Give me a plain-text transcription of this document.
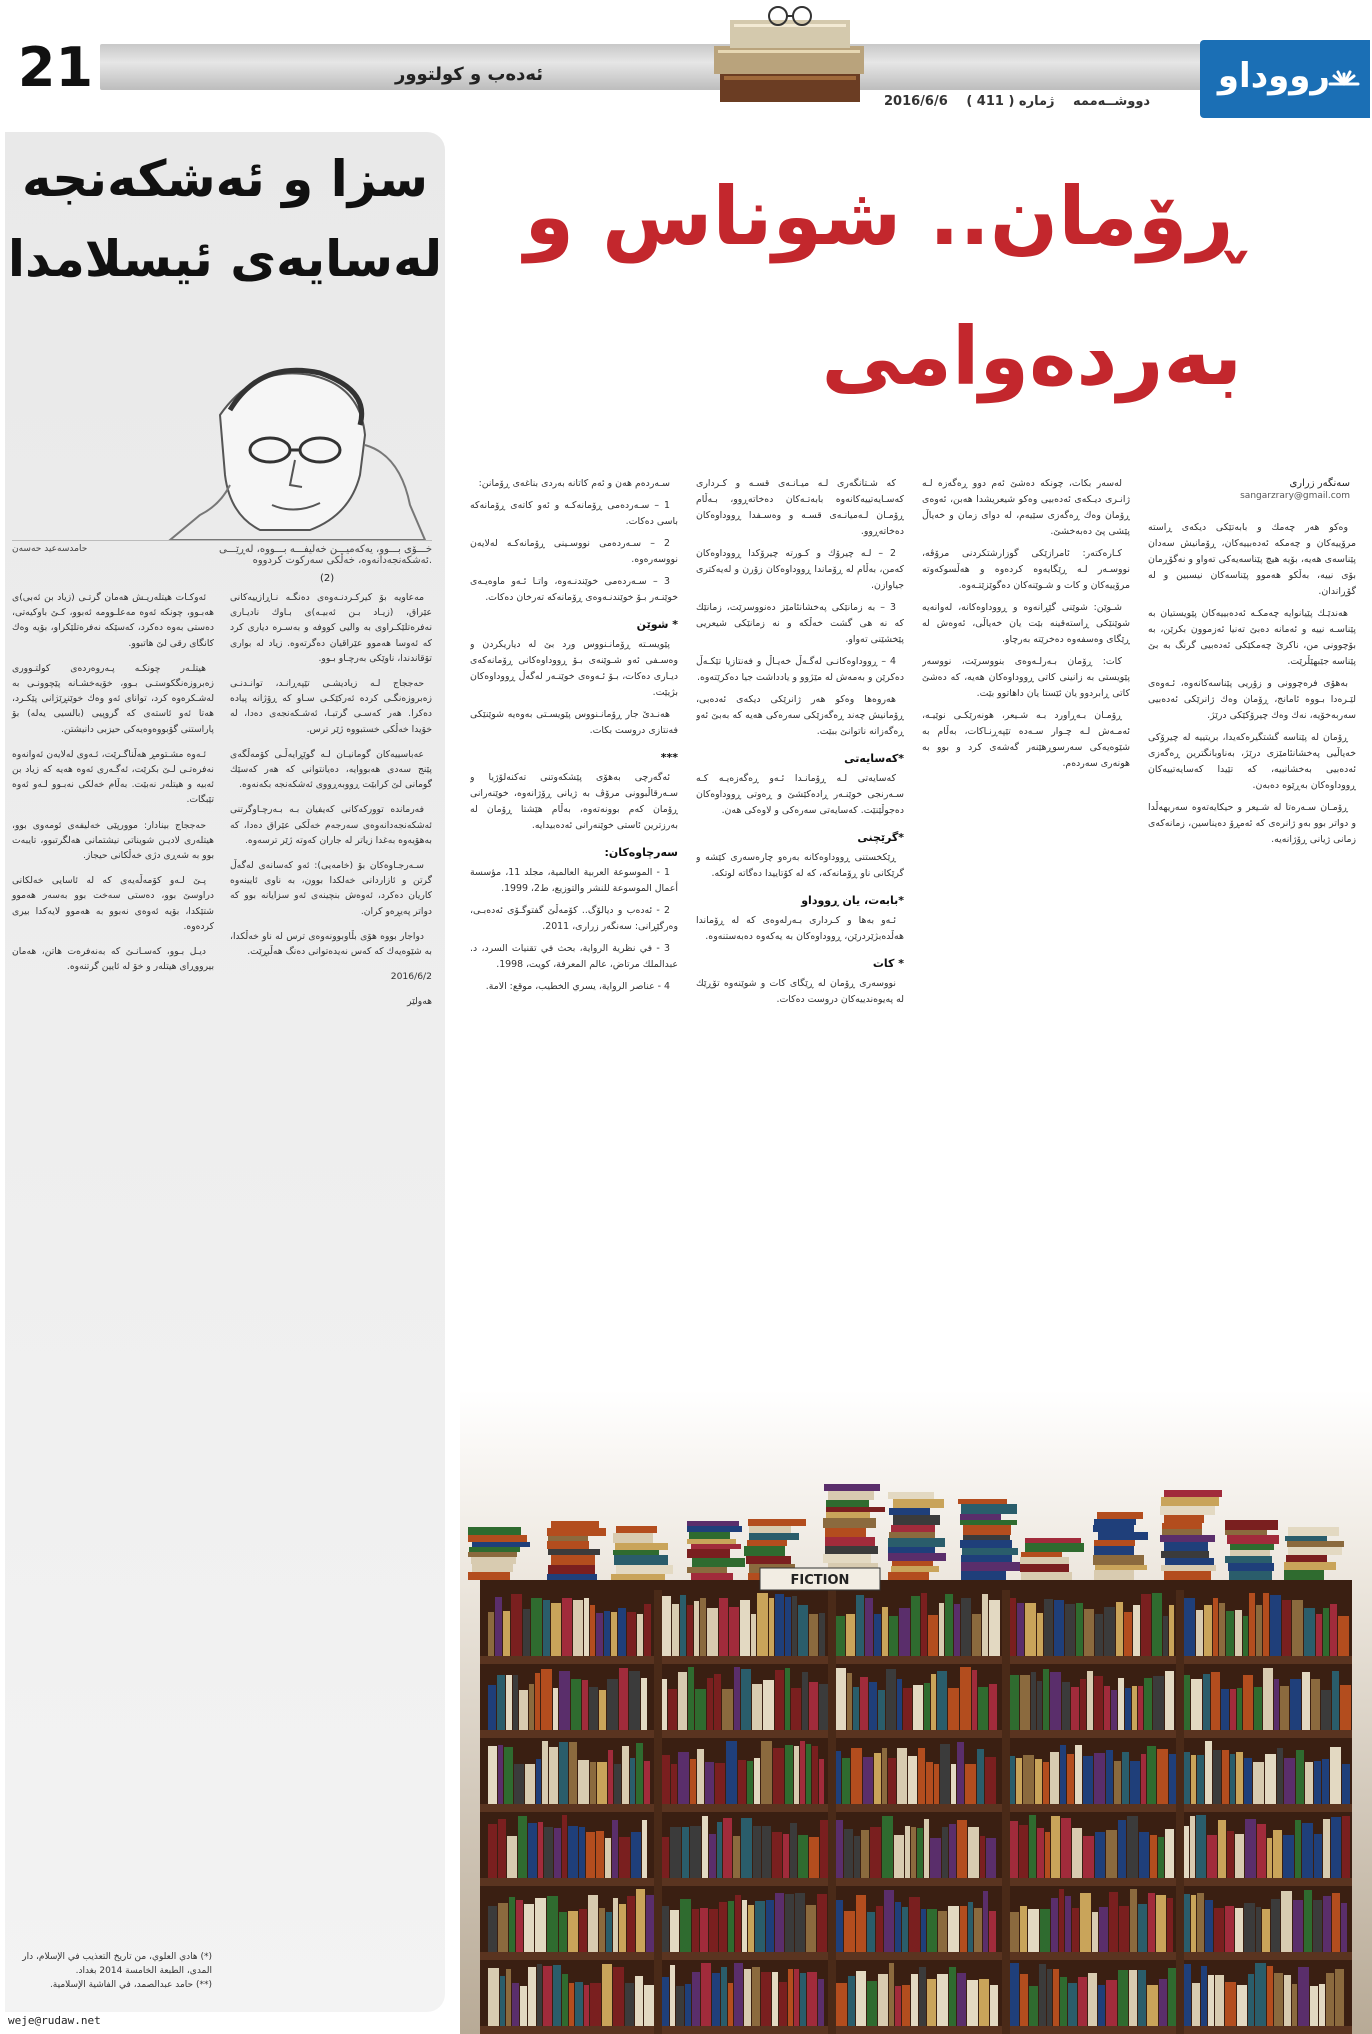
21	ئەدەب و كولتوور
2016/6/6	دووشــەممە ژمارە ( 411 )
رووداو
سزا و ئەشكەنجە
لەسایەی ئیسلامدا
حامدسەعید حەسەن	خـــۆی بـــوو، یەكەمیـــن خەلیفـــە بـــووە، لەڕێـــی ئەشكەنجەدانەوە، خەڵكی سەرکوت کردووە.
(2)

مەعاویە بۆ كیركـردنـەوەی دەنگـە نـاڕازییەكانی عێراق، (زیـاد بـن ئەبیـە)ی بـاوك نادیـاری نەفرەتلێكـراوی بە والیی كووفە و بەسـرە دیاری كرد كە ئەوسا هەموو عێراقیان دەگرتەوە. زیاد لە بواری تۆقاندندا، ناوێكی بەرچـاو بـوو.

حەججاج لـە زیادیشـی تێپەڕانـد، توانـدنـی زەبروزەنگـی كرده ئەركێكـی سـاو كە ڕۆژانە پیادە دەكرا. هەر كەسـی گرتبـا، ئەشـكەنجەی دەدا، لە خۆیدا خەڵكی خستبووە ژێر ترس.

عەباسییەكان گومانیـان لـە گوێڕایەڵـی كۆمەڵگەی پێنج سەدی هەبووایە، دەیانتوانی كه هەر كەسێك گومانی لێ كرابێت ڕووبەڕووی ئەشكەنجە بكەنەوە.

فەرماندە تووركەكانی كەیفیان بـە بـەرچـاوگرتنی ئەشكەنجەدانەوەی سەرجەم خەڵكی عێراق دەدا، كە بەهۆیەوە بەغدا زیاتر لە جاران كەوتە ژێر ترسەوە.

سـەرجـاوەكان بۆ (خامەیی): ئەو كەسانەی لەگەڵ گرتن و ئازاردانی خەلكدا بوون، بە ناوی ئایینەوە كاریان دەكرد، ئەوەش بنچینەی ئەو سزایانە بوو كە دواتر پەیڕەو كران.

دواجار بووە هۆی بڵاوبوونەوەی ترس لە ناو خەڵكدا، بە شێوەیەك كە كەس نەیدەتوانی دەنگ هەڵبڕێت.

2016/6/2

هەولێر

ئەوكـات هیتلەریـش هەمان گرتـی (زیاد بن ئەبی)ی هەبـوو، چونكە ئەوە مەعلـوومە ئەبوو، كـێ باوكیەتی، دەستی بەوە دەكرد، كەسێكە نەفرەتلێكراو، بۆیە وەك كانگای رقی لێ هاتبوو.

هیتلـەر چونكـە پـەروەردەی كولتـووری زەبروزەنگكوستـی بـوو، خۆیەخشـانە پێچوونـی بە لەشـكرەوە كرد، توانای ئەو وەك خوێنڕێژانی پێكـرد، هەتا ئەو ئاستەی كە گروپیی (بالسیی یەلە) بۆ پاراستنی گۆبووەوەیەكی حیزبی دانیشتن.

ئـەوە مشـتومڕ هەڵناگـرێت، ئـەوی لەلایەن ئەوانەوە نەفرەتـی لـێ بكرێت، ئەگـەری ئەوە هەیە كە زیاد بن ئەبیە و هیتلەر نەبێت. بەڵام خەلكی نەبـوو لـەو ئەوە تێبگات.

حەججاج بینادار: موورپێی خەلیفەی ئومەوی بوو، هیتلەری لادیـن شویناتی نیشتمانی هەلگرتبوو، تایبەت بوو بە شەڕی دژی خەڵكانی حیجاز.

پـێ لـەو كۆمەڵەیەی كە لە ئاسایی خەلكانی دراوسێ بوو، دەستی سەخت بوو بەسەر هەموو شتێكدا، بۆیە ئەوەی نەبوو بە هەموو لایەكدا بیری كردەوە.

دیـل بـوو، كەسـانـێ كە بەنەفرەت هاتن، هەمان بیرووڕای هیتلەر و خۆ لە ئایین گرتنەوە.

(*) هادي العلوي، من تاريخ التعذيب في الإسلام، دار المدى، الطبعة الخامسة 2014 بغداد.
(**) حامد عبدالصمد، في الفاشية الإسلامية.
weje@rudaw.net
ڕۆمان.. شوناس و
بەردەوامی
سەنگەر زراری
sangarzrary@gmail.com

وەكو هەر چەمك و بابەتێكی دیكەی ڕاستە مرۆییەكان و چەمكە ئەدەبییەكان، ڕۆمانیش سەدان پێناسەی هەیە، بۆیە هیچ پێناسەیەكی تەواو و نەگۆڕمان بۆی نییە، بەڵكو هەموو پێناسەكان نیسبین و لە گۆڕاندان.

هەندێـك پێیانوایە چەمكـە ئەدەبییەكان پێویستیان بە پێناسـە نییە و ئەمانە دەبێ تەنیا ئەزموون بكرێن، بە بۆچوونی من، ناكرێ چەمكێكی ئەدەبیی گرنگ بە بێ پێناسە جێبهێڵرێت.

بەهۆی فرەچوونی و زۆریی پێناسەكانەوە، ئـەوەی لێـرەدا بـووە ئامانج، ڕۆمان وەك ژانرێكی ئەدەبیی سەربەخۆیە، نەك وەك چیرۆكێكی درێژ.

ڕۆمان لە پێناسە گشتگیرەكەیدا، بریتییە لە چیرۆكی خەیاڵیی پەخشانئامێزی درێژ، بەناوبانگترین ڕەگەزی ئەدەبیی بەخشانییە، كە تێیدا كەسایەتییەكان ڕووداوەكان بەڕێوە دەبەن.

ڕۆمـان سـەرەتا لە شـیعر و حیكایەتەوە سەریهەڵدا و دواتر بوو بەو ژانرەی كە ئەمڕۆ دەیناسین، زمانەكەی زمانی ژیانی ڕۆژانەیە.

لەسەر بكات، چونكە دەشێ ئەم دوو ڕەگەزە لـە ژانـری دیـكەی ئەدەبیی وەكو شیعریشدا هەبن، ئەوەی ڕۆمان وەك ڕەگەزی سێیەم، لە دوای زمان و خەیاڵ پێشی پێ دەبەخشێ.

كـارەكتەر: ئامرازێكی گوزارشتكردنی مرۆڤە، نووسـەر لـە ڕێگایەوە كردەوە و هەڵسوكەوتە مرۆییەكان و كات و شـوێنەكان دەگوێزێتـەوە.

شـوێن: شوێنی گێڕانەوە و ڕووداوەكانە، لەوانەیە شوێنێكی ڕاستەقینە بێت یان خەیاڵی، ئەوەش لە ڕێگای وەسفەوە دەخرێتە بەرچاو.

كات: ڕۆمان بـەرلـەوەی بنووسرێت، نووسەر پێویستی بە زانینی كاتی ڕووداوەكان هەیە، كە دەشێ كاتی ڕابردوو یان ئێستا یان داهاتوو بێت.

ڕۆمـان بـەڕاورد بـە شـیعر، هونەرێكـی نوێیـە، ئەمـەش لـە چـوار سـەدە تێپەڕنـاكات، بەڵام بە شێوەیەكی سەرسوڕهێنەر گەشەی كرد و بوو بە هونەری سەردەم.

كە شـتانگەری لـە میـانـەی قسـە و كـرداری كەسـایەتییەكانەوە بابەتـەكان دەخاتەڕوو، بـەڵام ڕۆمـان لـەمیانـەی قسـە و وەسـفدا ڕووداوەكان دەخاتەڕوو.

2 – لـە چیرۆك و كـورتە چیرۆكدا ڕووداوەكان كەمن، بەڵام لە ڕۆماندا ڕووداوەكان زۆرن و لەیەكتری جیاوازن.

3 – بە زمانێكی پەخشانئامێز دەنووسرێت، زمانێك كە نە هی گشت خەڵكە و نە زمانێكی شیعریی پێخشێنی تەواو.

4 – ڕووداوەكانـی لەگـەڵ خەیـاڵ و فەنتازیا تێكـەڵ دەكرێن و بەمەش لە مێژوو و یادداشت جیا دەكرێتەوە.

هەروەها وەكو هەر ژانرێكی دیكەی ئەدەبی، ڕۆمانیش چەند ڕەگەزێكی سەرەكی هەیە كە بەبێ ئەو ڕەگەزانە ناتوانێ ببێت.

*كەسایەتی

كەسایەتی لـە ڕۆمانـدا ئـەو ڕەگەزەیـە كـە سـەرنجی خوێنـەر ڕادەكێشێ و ڕەوتی ڕووداوەكان دەجوڵێنێت. كەسایەتی سەرەكی و لاوەكی هەن.

*گرێچنی

ڕێكخستنی ڕووداوەكانە بەرەو چارەسەری كێشە و گرێكانی ناو ڕۆمانەكە، كە لە كۆتاییدا دەگاتە لوتكە.

*بابەت، یان ڕووداو

ئـەو بەها و كـرداری بـەرلەوەی كە لە ڕۆماندا هەڵدەبژێردرێن، ڕووداوەكان بە یەكەوە دەبەستنەوە.

* كات

نووسەری ڕۆمان لە ڕێگای كات و شوێنەوە تۆڕێك لە پەیوەندییەكان دروست دەكات.

سـەردەم هەن و ئەم كاتانە بەردی بناغەی ڕۆمانن:

1 – سـەردەمی ڕۆمانەكـە و ئەو كاتەی ڕۆمانەكە باسی دەكات.

2 – سـەردەمی نووسـینی ڕۆمانەكـە لەلایەن نووسەرەوە.

3 – سـەردەمی خوێندنـەوە، واتـا ئـەو ماوەیـەی خوێنـەر بـۆ خوێندنـەوەی ڕۆمانەكە تەرخان دەكات.

* شوێن

پێویسـتە ڕۆمانـنووس ورد بێ لە دیاریكردن و وەسـفی ئەو شـوێنەی بـۆ ڕووداوەكانی ڕۆمانەكەی دیـاری دەكات، بـۆ ئـەوەی خوێنـەر لەگەڵ ڕووداوەكان بژیێت.

هەنـدێ جار ڕۆمانـنووس پێویسـتی بەوەیە شوێنێكی فەنتازی دروست بكات.

***

ئەگەرچی بەهۆی پێشكەوتنی تەكنەلۆژیا و سـەرقاڵبوونی مرۆڤ بە ژیانی ڕۆژانەوە، خوێنەرانی ڕۆمان كەم بوونەتەوە، بەڵام هێشتا ڕۆمان لە بەرزترین ئاستی خوێنەرانی ئەدەبیدایە.

سەرچاوەكان:

1 - الموسوعة العربية العالمية، مجلد 11، مؤسسة أعمال الموسوعة للنشر والتوزيع، ط2، 1999.

2 - ئەدەب و دیالۆگ.. كۆمەڵێ گفتوگـۆی ئەدەبـی، وەرگێڕانی: سەنگەر زراری، 2011.

3 - في نظرية الرواية، بحث في تقنيات السرد، د. عبدالملك مرتاض، عالم المعرفة، كويت، 1998.

4 - عناصر الرواية، يسري الخطيب، موقع: الامة.

FICTION
